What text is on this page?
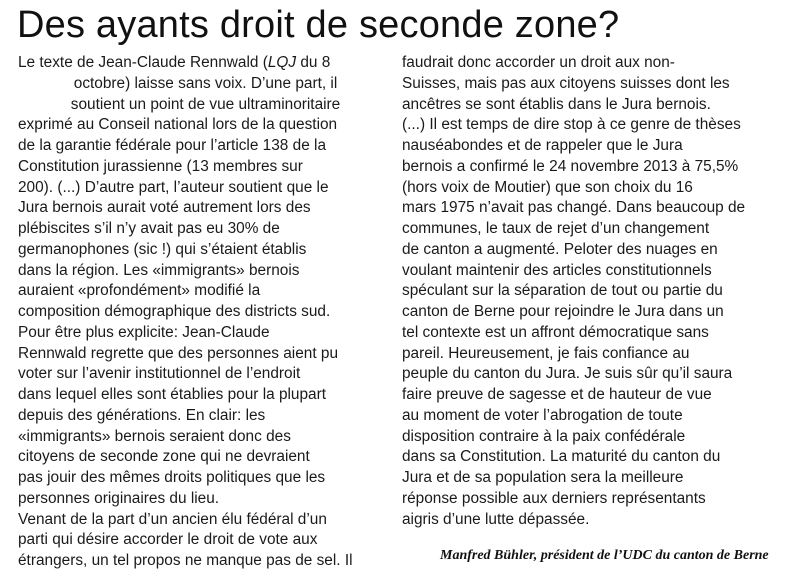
Des ayants droit de seconde zone?
Le texte de Jean-Claude Rennwald (LQJ du 8
octobre) laisse sans voix. D’une part, il
soutient un point de vue ultraminoritaire
exprimé au Conseil national lors de la question
de la garantie fédérale pour l’article 138 de la
Constitution jurassienne (13 membres sur
200). (...) D’autre part, l’auteur soutient que le
Jura bernois aurait voté autrement lors des
plébiscites s’il n’y avait pas eu 30% de
germanophones (sic !) qui s’étaient établis
dans la région. Les «immigrants» bernois
auraient «profondément» modifié la
composition démographique des districts sud.
Pour être plus explicite: Jean-Claude
Rennwald regrette que des personnes aient pu
voter sur l’avenir institutionnel de l’endroit
dans lequel elles sont établies pour la plupart
depuis des générations. En clair: les
«immigrants» bernois seraient donc des
citoyens de seconde zone qui ne devraient
pas jouir des mêmes droits politiques que les
personnes originaires du lieu.
Venant de la part d’un ancien élu fédéral d’un
parti qui désire accorder le droit de vote aux
étrangers, un tel propos ne manque pas de sel. Il
faudrait donc accorder un droit aux non-
Suisses, mais pas aux citoyens suisses dont les
ancêtres se sont établis dans le Jura bernois.
(...) Il est temps de dire stop à ce genre de thèses
nauséabondes et de rappeler que le Jura
bernois a confirmé le 24 novembre 2013 à 75,5%
(hors voix de Moutier) que son choix du 16
mars 1975 n’avait pas changé. Dans beaucoup de
communes, le taux de rejet d’un changement
de canton a augmenté. Peloter des nuages en
voulant maintenir des articles constitutionnels
spéculant sur la séparation de tout ou partie du
canton de Berne pour rejoindre le Jura dans un
tel contexte est un affront démocratique sans
pareil. Heureusement, je fais confiance au
peuple du canton du Jura. Je suis sûr qu’il saura
faire preuve de sagesse et de hauteur de vue
au moment de voter l’abrogation de toute
disposition contraire à la paix confédérale
dans sa Constitution. La maturité du canton du
Jura et de sa population sera la meilleure
réponse possible aux derniers représentants
aigris d’une lutte dépassée.
Manfred Bühler, président de l’UDC du canton de Berne
